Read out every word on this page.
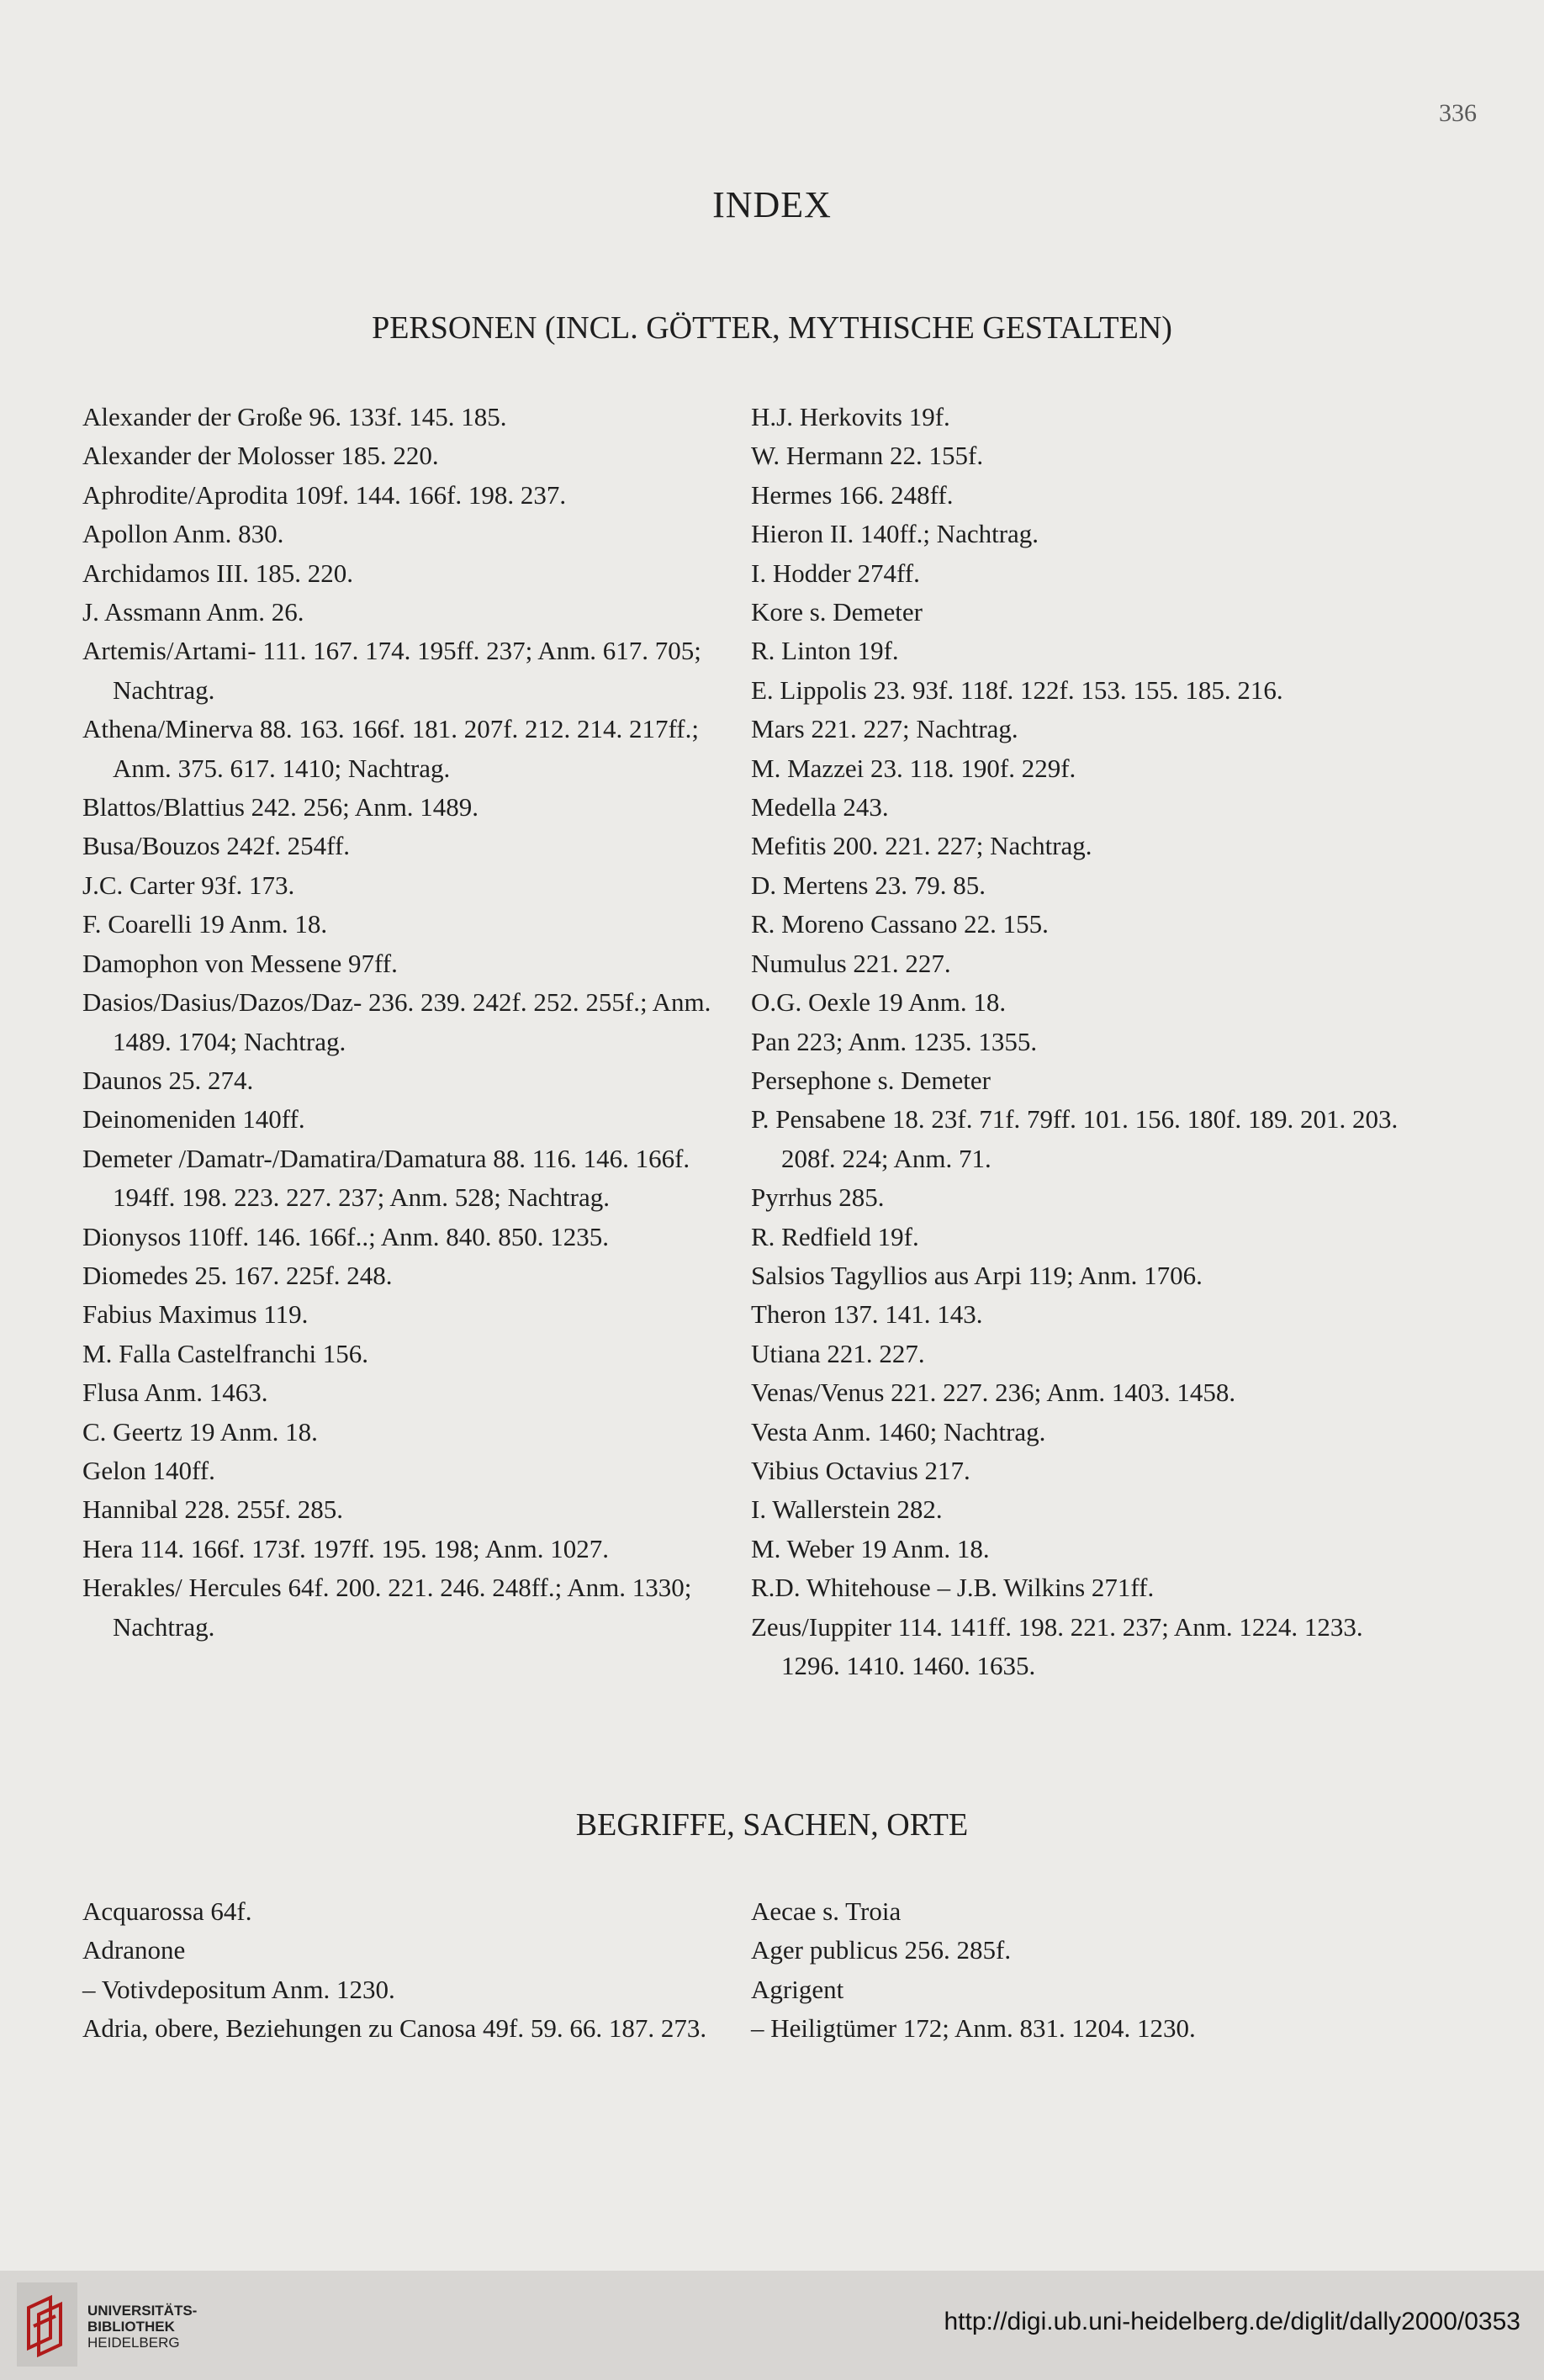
336
INDEX
PERSONEN (INCL. GÖTTER, MYTHISCHE GESTALTEN)

Alexander der Große 96. 133f. 145. 185.

Alexander der Molosser 185. 220.

Aphrodite/Aprodita 109f. 144. 166f. 198. 237.

Apollon Anm. 830.

Archidamos III. 185. 220.

J. Assmann Anm. 26.

Artemis/Artami- 111. 167. 174. 195ff. 237; Anm. 617. 705; Nachtrag.

Athena/Minerva 88. 163. 166f. 181. 207f. 212. 214. 217ff.; Anm. 375. 617. 1410; Nachtrag.

Blattos/Blattius 242. 256; Anm. 1489.

Busa/Bouzos 242f. 254ff.

J.C. Carter 93f. 173.

F. Coarelli 19 Anm. 18.

Damophon von Messene 97ff.

Dasios/Dasius/Dazos/Daz- 236. 239. 242f. 252. 255f.; Anm. 1489. 1704; Nachtrag.

Daunos 25. 274.

Deinomeniden 140ff.

Demeter /Damatr-/Damatira/Damatura 88. 116. 146. 166f. 194ff. 198. 223. 227. 237; Anm. 528; Nachtrag.

Dionysos 110ff. 146. 166f..; Anm. 840. 850. 1235.

Diomedes 25. 167. 225f. 248.

Fabius Maximus 119.

M. Falla Castelfranchi 156.

Flusa Anm. 1463.

C. Geertz 19 Anm. 18.

Gelon 140ff.

Hannibal 228. 255f. 285.

Hera 114. 166f. 173f. 197ff. 195. 198; Anm. 1027.

Herakles/ Hercules 64f. 200. 221. 246. 248ff.; Anm. 1330; Nachtrag.

H.J. Herkovits 19f.

W. Hermann 22. 155f.

Hermes 166. 248ff.

Hieron II. 140ff.; Nachtrag.

I. Hodder 274ff.

Kore s. Demeter

R. Linton 19f.

E. Lippolis 23. 93f. 118f. 122f. 153. 155. 185. 216.

Mars 221. 227; Nachtrag.

M. Mazzei 23. 118. 190f. 229f.

Medella 243.

Mefitis 200. 221. 227; Nachtrag.

D. Mertens 23. 79. 85.

R. Moreno Cassano 22. 155.

Numulus 221. 227.

O.G. Oexle 19 Anm. 18.

Pan 223; Anm. 1235. 1355.

Persephone s. Demeter

P. Pensabene 18. 23f. 71f. 79ff. 101. 156. 180f. 189. 201. 203. 208f. 224; Anm. 71.

Pyrrhus 285.

R. Redfield 19f.

Salsios Tagyllios aus Arpi 119; Anm. 1706.

Theron 137. 141. 143.

Utiana 221. 227.

Venas/Venus 221. 227. 236; Anm. 1403. 1458.

Vesta Anm. 1460; Nachtrag.

Vibius Octavius 217.

I. Wallerstein 282.

M. Weber 19 Anm. 18.

R.D. Whitehouse – J.B. Wilkins 271ff.

Zeus/Iuppiter 114. 141ff. 198. 221. 237; Anm. 1224. 1233. 1296. 1410. 1460. 1635.

BEGRIFFE, SACHEN, ORTE

Acquarossa 64f.

Adranone

– Votivdepositum Anm. 1230.

Adria, obere, Beziehungen zu Canosa 49f. 59. 66. 187. 273.

Aecae s. Troia

Ager publicus 256. 285f.

Agrigent

– Heiligtümer 172; Anm. 831. 1204. 1230.

UNIVERSITÄTS-
BIBLIOTHEK
HEIDELBERG
http://digi.ub.uni-heidelberg.de/diglit/dally2000/0353
